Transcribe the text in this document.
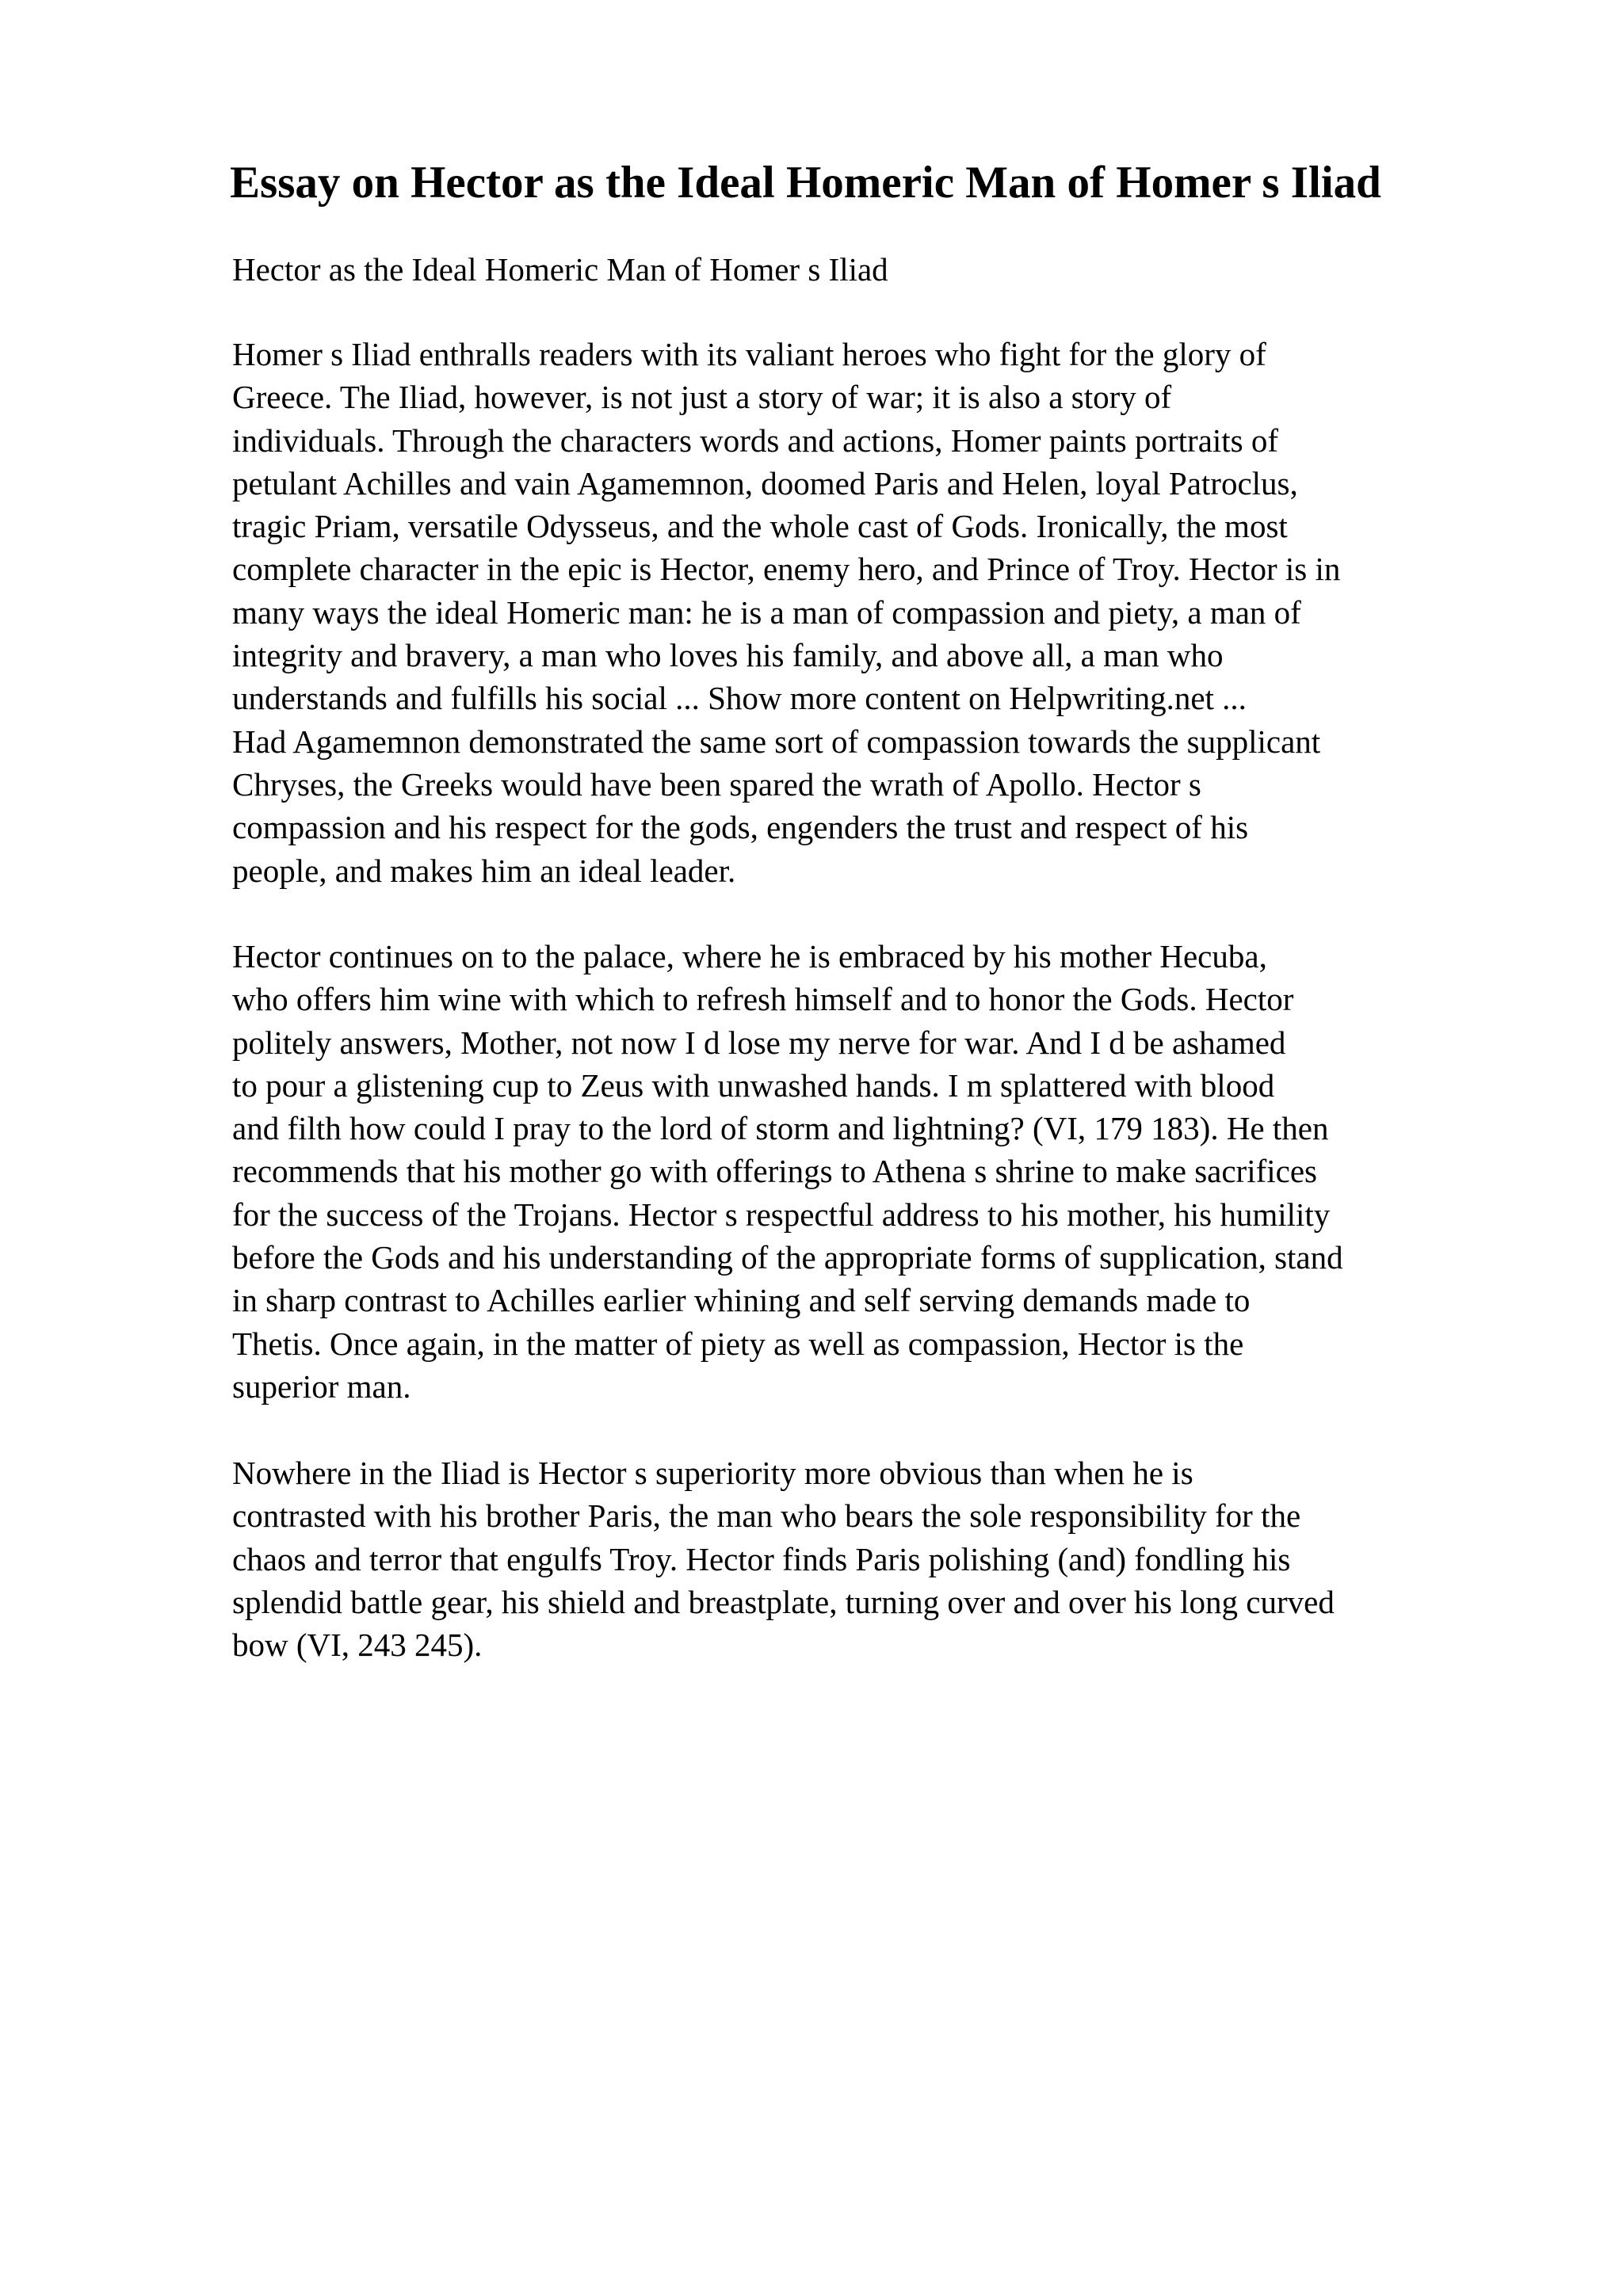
Essay on Hector as the Ideal Homeric Man of Homer s Iliad

Hector as the Ideal Homeric Man of Homer s Iliad

Homer s Iliad enthralls readers with its valiant heroes who fight for the glory of
Greece. The Iliad, however, is not just a story of war; it is also a story of
individuals. Through the characters words and actions, Homer paints portraits of
petulant Achilles and vain Agamemnon, doomed Paris and Helen, loyal Patroclus,
tragic Priam, versatile Odysseus, and the whole cast of Gods. Ironically, the most
complete character in the epic is Hector, enemy hero, and Prince of Troy. Hector is in
many ways the ideal Homeric man: he is a man of compassion and piety, a man of
integrity and bravery, a man who loves his family, and above all, a man who
understands and fulfills his social ... Show more content on Helpwriting.net ...
Had Agamemnon demonstrated the same sort of compassion towards the supplicant
Chryses, the Greeks would have been spared the wrath of Apollo. Hector s
compassion and his respect for the gods, engenders the trust and respect of his
people, and makes him an ideal leader.

Hector continues on to the palace, where he is embraced by his mother Hecuba,
who offers him wine with which to refresh himself and to honor the Gods. Hector
politely answers, Mother, not now I d lose my nerve for war. And I d be ashamed
to pour a glistening cup to Zeus with unwashed hands. I m splattered with blood
and filth how could I pray to the lord of storm and lightning? (VI, 179 183). He then
recommends that his mother go with offerings to Athena s shrine to make sacrifices
for the success of the Trojans. Hector s respectful address to his mother, his humility
before the Gods and his understanding of the appropriate forms of supplication, stand
in sharp contrast to Achilles earlier whining and self serving demands made to
Thetis. Once again, in the matter of piety as well as compassion, Hector is the
superior man.

Nowhere in the Iliad is Hector s superiority more obvious than when he is
contrasted with his brother Paris, the man who bears the sole responsibility for the
chaos and terror that engulfs Troy. Hector finds Paris polishing (and) fondling his
splendid battle gear, his shield and breastplate, turning over and over his long curved
bow (VI, 243 245).
